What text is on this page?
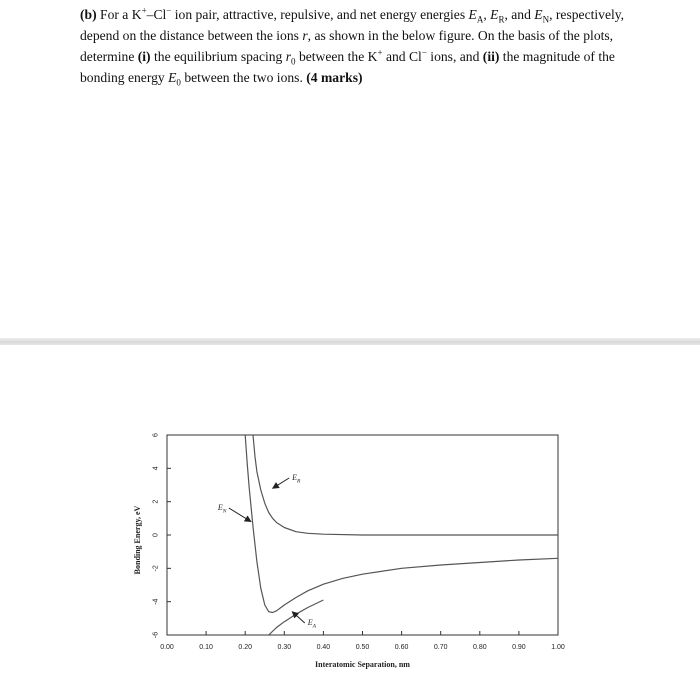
(b) For a K+–Cl− ion pair, attractive, repulsive, and net energy energies $E_A$, $E_R$, and $E_N$, respectively, depend on the distance between the ions r, as shown in the below figure. On the basis of the plots, determine (i) the equilibrium spacing $r_0$ between the K+ and Cl− ions, and (ii) the magnitude of the bonding energy $E_0$ between the two ions. (4 marks)

0.00	0.10	0.20	0.30	0.40	0.50	0.60	0.70	0.80	0.90	1.00
6
4
2
0
-2
-4
-6
Interatomic Separation, nm
Bonding Energy, eV	$E_N$
$E_R$
$E_A$
